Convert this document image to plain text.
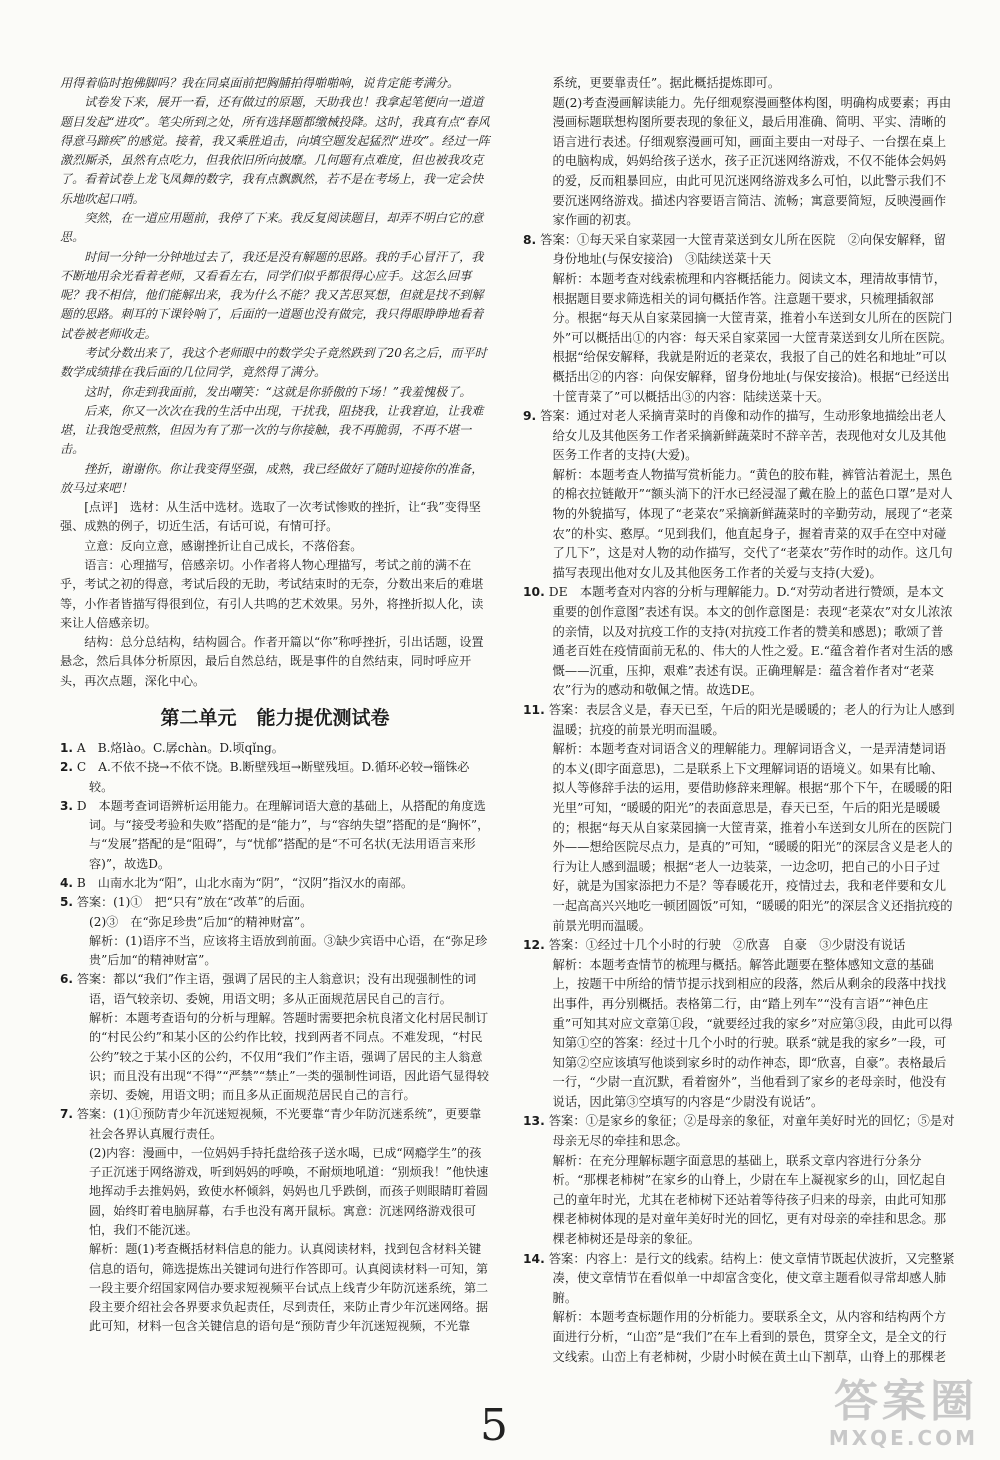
用得着临时抱佛脚吗？我在同桌面前把胸脯拍得啪啪响，说肯定能考满分。

试卷发下来，展开一看，还有做过的原题，天助我也！我拿起笔便向一道道题目发起“进攻”。笔尖所到之处，所有选择题都缴械投降。这时，我真有点“春风得意马蹄疾”的感觉。接着，我又乘胜追击，向填空题发起猛烈“进攻”。经过一阵激烈厮杀，虽然有点吃力，但我依旧所向披靡。几何题有点难度，但也被我攻克了。看着试卷上龙飞凤舞的数字，我有点飘飘然，若不是在考场上，我一定会快乐地吹起口哨。

突然，在一道应用题前，我停了下来。我反复阅读题目，却弄不明白它的意思。

时间一分钟一分钟地过去了，我还是没有解题的思路。我的手心冒汗了，我不断地用余光看着老师，又看看左右，同学们似乎都很得心应手。这怎么回事呢？我不相信，他们能解出来，我为什么不能？我又苦思冥想，但就是找不到解题的思路。刺耳的下课铃响了，后面的一道题也没有做完，我只得眼睁睁地看着试卷被老师收走。

考试分数出来了，我这个老师眼中的数学尖子竟然跌到了20名之后，而平时数学成绩排在我后面的几位同学，竟然得了满分。

这时，你走到我面前，发出嘲笑：“这就是你骄傲的下场！”我羞愧极了。

后来，你又一次次在我的生活中出现，干扰我，阻挠我，让我窘迫，让我难堪，让我饱受煎熬，但因为有了那一次的与你接触，我不再脆弱，不再不堪一击。

挫折，谢谢你。你让我变得坚强，成熟，我已经做好了随时迎接你的准备，放马过来吧！

[点评]　选材：从生活中选材。选取了一次考试惨败的挫折，让“我”变得坚强、成熟的例子，切近生活，有话可说，有情可抒。

立意：反向立意，感谢挫折让自己成长，不落俗套。

语言：心理描写，倍感亲切。小作者将人物心理描写，考试之前的满不在乎，考试之初的得意，考试后段的无助，考试结束时的无奈，分数出来后的难堪等，小作者皆描写得很到位，有引人共鸣的艺术效果。另外，将挫折拟人化，读来让人倍感亲切。

结构：总分总结构，结构圆合。作者开篇以“你”称呼挫折，引出话题，设置悬念，然后具体分析原因，最后自然总结，既是事件的自然结束，同时呼应开头，再次点题，深化中心。

第二单元 能力提优测试卷

1. A　B.烙lào。C.孱chàn。D.顷qǐng。

2. C　A.不依不挠→不依不饶。B.断壁残垣→断壁残垣。D.循环必较→锱铢必较。

3. D　本题考查词语辨析运用能力。在理解词语大意的基础上，从搭配的角度选词。与“接受考验和失败”搭配的是“能力”，与“容纳失望”搭配的是“胸怀”，与“发展”搭配的是“阻碍”，与“忧郁”搭配的是“不可名状(无法用语言来形容)”，故选D。

4. B　山南水北为“阳”，山北水南为“阴”，“汉阴”指汉水的南部。

5. 答案：(1)①　把“只有”放在“改革”的后面。

(2)③　在“弥足珍贵”后加“的精神财富”。

解析：(1)语序不当，应该将主语放到前面。③缺少宾语中心语，在“弥足珍贵”后加“的精神财富”。

6. 答案：都以“我们”作主语，强调了居民的主人翁意识；没有出现强制性的词语，语气较亲切、委婉，用语文明；多从正面规范居民自己的言行。

解析：本题考查语句的分析与理解。答题时需要把余杭良渚文化村居民制订的“村民公约”和某小区的公约作比较，找到两者不同点。不难发现，“村民公约”较之于某小区的公约，不仅用“我们”作主语，强调了居民的主人翁意识；而且没有出现“不得”“严禁”“禁止”一类的强制性词语，因此语气显得较亲切、委婉，用语文明；而且多从正面规范居民自己的言行。

7. 答案：(1)①预防青少年沉迷短视频，不光要靠“青少年防沉迷系统”，更要靠社会各界认真履行责任。

(2)内容：漫画中，一位妈妈手持托盘给孩子送水喝，已成“网瘾学生”的孩子正沉迷于网络游戏，听到妈妈的呼唤，不耐烦地吼道：“别烦我！”他快速地挥动手去推妈妈，致使水杯倾斜，妈妈也几乎跌倒，而孩子则眼睛盯着圆圆，始终盯着电脑屏幕，右手也没有离开鼠标。寓意：沉迷网络游戏很可怕，我们不能沉迷。

解析：题(1)考查概括材料信息的能力。认真阅读材料，找到包含材料关键信息的语句，筛选提炼出关键词句进行作答即可。认真阅读材料一可知，第一段主要介绍国家网信办要求短视频平台试点上线青少年防沉迷系统，第二段主要介绍社会各界要求负起责任，尽到责任，来防止青少年沉迷网络。据此可知，材料一包含关键信息的语句是“预防青少年沉迷短视频，不光靠

系统，更要靠责任”。据此概括提炼即可。

题(2)考查漫画解读能力。先仔细观察漫画整体构图，明确构成要素；再由漫画标题联想构图所要表现的象征义，最后用准确、简明、平实、清晰的语言进行表述。仔细观察漫画可知，画面主要由一对母子、一台摆在桌上的电脑构成，妈妈给孩子送水，孩子正沉迷网络游戏，不仅不能体会妈妈的爱，反而粗暴回应，由此可见沉迷网络游戏多么可怕，以此警示我们不要沉迷网络游戏。描述内容要语言简洁、流畅；寓意要简短，反映漫画作家作画的初衷。

8. 答案：①每天采自家菜园一大筐青菜送到女儿所在医院　②向保安解释，留身份地址(与保安接洽)　③陆续送菜十天

解析：本题考查对线索梳理和内容概括能力。阅读文本，理清故事情节，根据题目要求筛选相关的词句概括作答。注意题干要求，只梳理插叙部分。根据“每天从自家菜园摘一大筐青菜，推着小车送到女儿所在的医院门外”可以概括出①的内容：每天采自家菜园一大筐青菜送到女儿所在医院。根据“给保安解释，我就是附近的老菜农，我报了自己的姓名和地址”可以概括出②的内容：向保安解释，留身份地址(与保安接洽)。根据“已经送出十筐青菜了”可以概括出③的内容：陆续送菜十天。

9. 答案：通过对老人采摘青菜时的肖像和动作的描写，生动形象地描绘出老人给女儿及其他医务工作者采摘新鲜蔬菜时不辞辛苦，表现他对女儿及其他医务工作者的支持(大爱)。

解析：本题考查人物描写赏析能力。“黄色的胶布鞋，裤管沾着泥土，黑色的棉衣拉链敞开”“额头淌下的汗水已经浸湿了戴在脸上的蓝色口罩”是对人物的外貌描写，体现了“老菜农”采摘新鲜蔬菜时的辛勤劳动，展现了“老菜农”的朴实、憨厚。“见到我们，他直起身子，握着青菜的双手在空中对碰了几下”，这是对人物的动作描写，交代了“老菜农”劳作时的动作。这几句描写表现出他对女儿及其他医务工作者的关爱与支持(大爱)。

10. DE　本题考查对内容的分析与理解能力。D.“对劳动者进行赞颂，是本文重要的创作意图”表述有误。本文的创作意图是：表现“老菜农”对女儿浓浓的亲情，以及对抗疫工作的支持(对抗疫工作者的赞美和感恩)；歌颂了普通老百姓在疫情面前无私的、伟大的人性之爱。E.“蕴含着作者对生活的感慨——沉重，压抑，艰难”表述有误。正确理解是：蕴含着作者对“老菜农”行为的感动和敬佩之情。故选DE。

11. 答案：表层含义是，春天已至，午后的阳光是暖暖的；老人的行为让人感到温暖；抗疫的前景光明而温暖。

解析：本题考查对词语含义的理解能力。理解词语含义，一是弄清楚词语的本义(即字面意思)，二是联系上下文理解词语的语境义。如果有比喻、拟人等修辞手法的运用，要借助修辞来理解。根据“那个下午，在暖暖的阳光里”可知，“暖暖的阳光”的表面意思是，春天已至，午后的阳光是暖暖的；根据“每天从自家菜园摘一大筐青菜，推着小车送到女儿所在的医院门外——想给医院尽点力，是真的”可知，“暖暖的阳光”的深层含义是老人的行为让人感到温暖；根据“老人一边装菜，一边念叨，把自己的小日子过好，就是为国家添把力不是？等春暖花开，疫情过去，我和老伴要和女儿一起高高兴兴地吃一顿团圆饭”可知，“暖暖的阳光”的深层含义还指抗疫的前景光明而温暖。

12. 答案：①经过十几个小时的行驶　②欣喜　自豪　③少尉没有说话

解析：本题考查情节的梳理与概括。解答此题要在整体感知文意的基础上，按题干中所给的情节提示找到相应的段落，然后从剩余的段落中找找出事件，再分别概括。表格第二行，由“踏上列车”“没有言语”“神色庄重”可知其对应文章第①段，“就要经过我的家乡”对应第③段，由此可以得知第①空的答案：经过十几个小时的行驶。联系“就是我的家乡”一段，可知第②空应该填写他谈到家乡时的动作神态，即“欣喜，自豪”。表格最后一行，“少尉一直沉默，看着窗外”，当他看到了家乡的老母亲时，他没有说话，因此第③空填写的内容是“少尉没有说话”。

13. 答案：①是家乡的象征；②是母亲的象征，对童年美好时光的回忆；⑤是对母亲无尽的牵挂和思念。

解析：在充分理解标题字面意思的基础上，联系文章内容进行分条分析。“那棵老柿树”在家乡的山脊上，少尉在车上凝视家乡的山，回忆起自己的童年时光，尤其在老柿树下还站着等待孩子归来的母亲，由此可知那棵老柿树体现的是对童年美好时光的回忆，更有对母亲的牵挂和思念。那棵老柿树还是母亲的象征。

14. 答案：内容上：是行文的线索。结构上：使文章情节既起伏波折，又完整紧凑，使文章情节在看似单一中却富含变化，使文章主题看似寻常却感人肺腑。

解析：本题考查标题作用的分析能力。要联系全文，从内容和结构两个方面进行分析，“山峦”是“我们”在车上看到的景色，贯穿全文，是全文的行文线索。山峦上有老柿树，少尉小时候在黄土山下割草，山脊上的那棵老

5	答案圈
MXQE.COM
